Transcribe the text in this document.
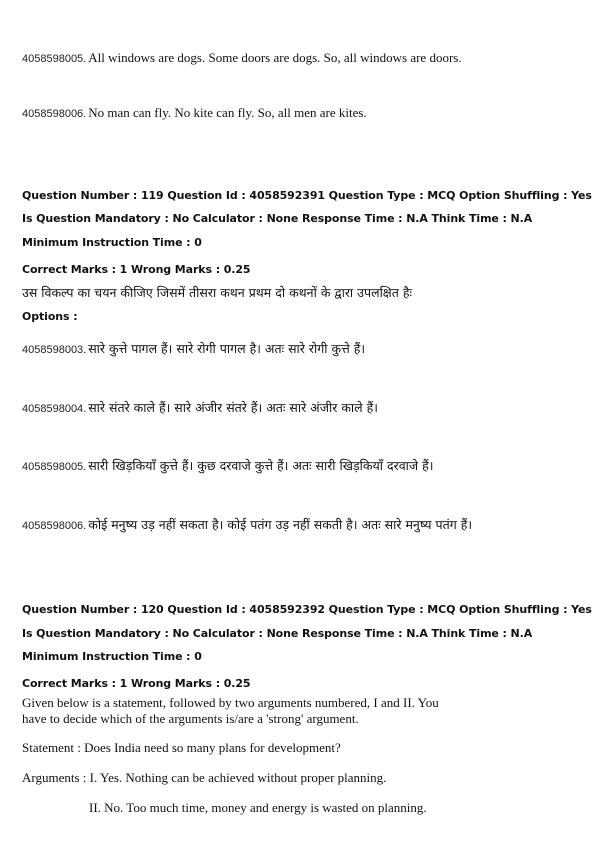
4058598005. All windows are dogs. Some doors are dogs. So, all windows are doors.
4058598006. No man can fly. No kite can fly. So, all men are kites.
Question Number : 119 Question Id : 4058592391 Question Type : MCQ Option Shuffling : Yes
Is Question Mandatory : No Calculator : None Response Time : N.A Think Time : N.A
Minimum Instruction Time : 0
Correct Marks : 1 Wrong Marks : 0.25
उस विकल्प का चयन कीजिए जिसमें तीसरा कथन प्रथम दो कथनों के द्वारा उपलक्षित हैः
Options :
4058598003. सारे कुत्ते पागल हैं। सारे रोगी पागल है। अतः सारे रोगी कुत्ते हैं।
4058598004. सारे संतरे काले हैं। सारे अंजीर संतरे हैं। अतः सारे अंजीर काले हैं।
4058598005. सारी खिड़कियाँ कुत्ते हैं। कुछ दरवाजे कुत्ते हैं। अतः सारी खिड़कियाँ दरवाजे हैं।
4058598006. कोई मनुष्य उड़ नहीं सकता है। कोई पतंग उड़ नहीं सकती है। अतः सारे मनुष्य पतंग हैं।
Question Number : 120 Question Id : 4058592392 Question Type : MCQ Option Shuffling : Yes
Is Question Mandatory : No Calculator : None Response Time : N.A Think Time : N.A
Minimum Instruction Time : 0
Correct Marks : 1 Wrong Marks : 0.25
Given below is a statement, followed by two arguments numbered, I and II. You
have to decide which of the arguments is/are a 'strong' argument.
Statement : Does India need so many plans for development?
Arguments : I. Yes. Nothing can be achieved without proper planning.
II. No. Too much time, money and energy is wasted on planning.
